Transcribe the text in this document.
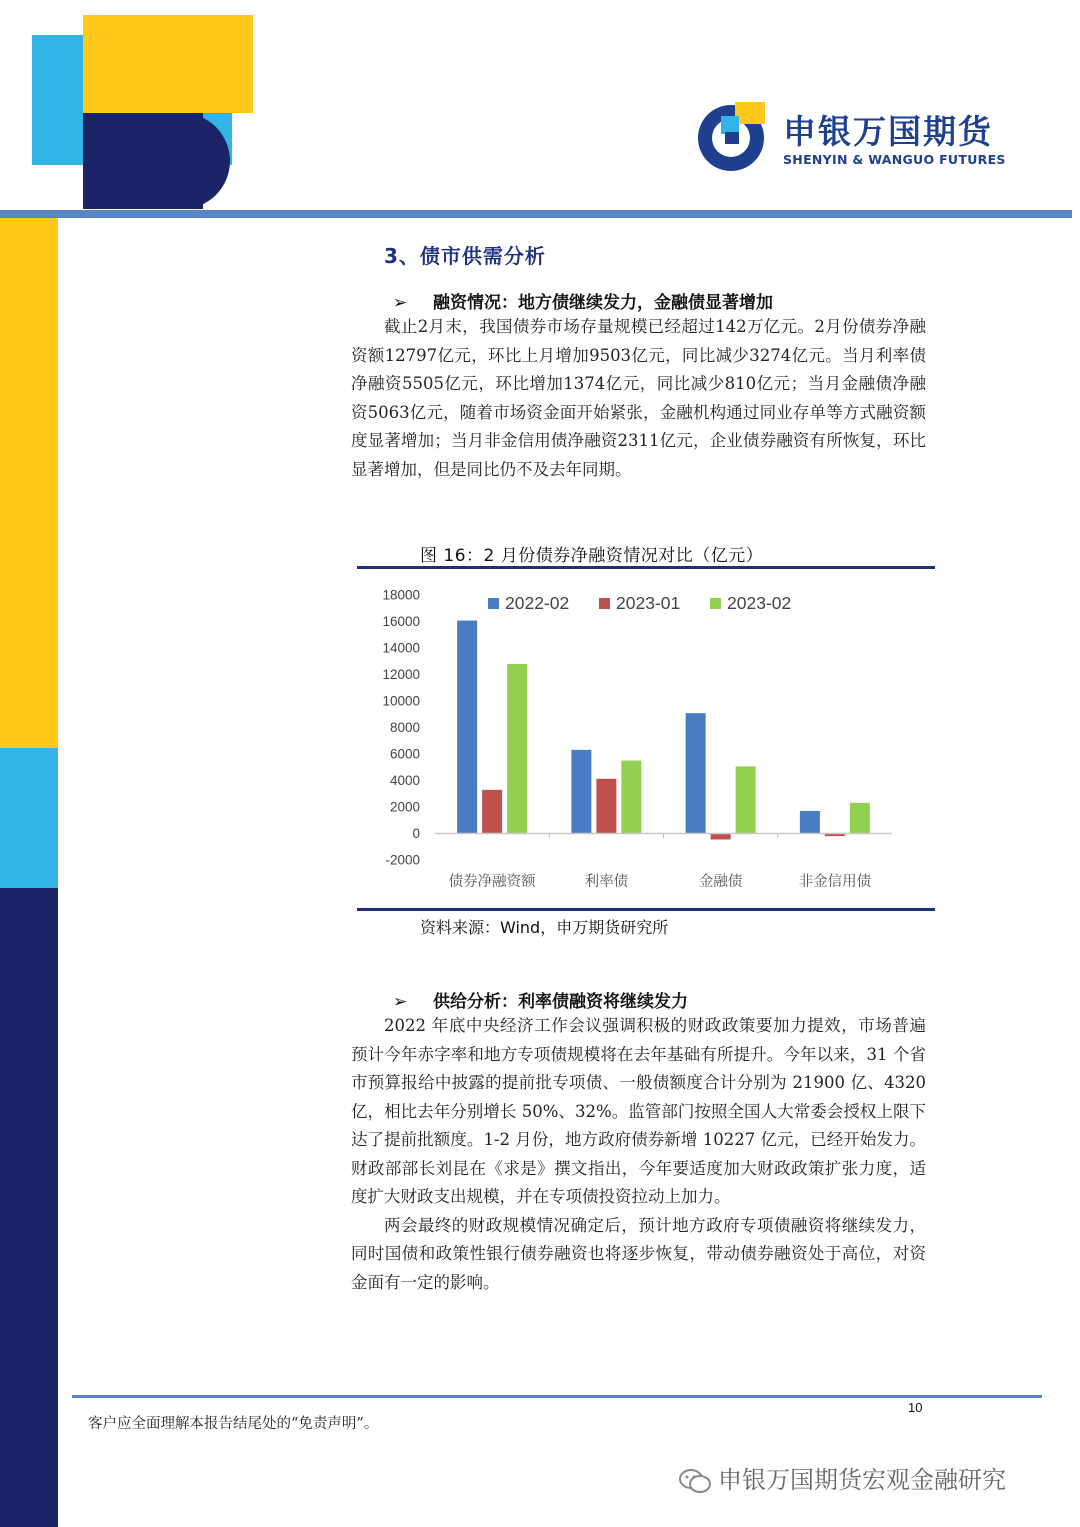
申银万国期货
SHENYIN & WANGUO FUTURES
3、债市供需分析
➢ 融资情况：地方债继续发力，金融债显著增加

截止2月末，我国债券市场存量规模已经超过142万亿元。2月份债券净融资额12797亿元，环比上月增加9503亿元，同比减少3274亿元。当月利率债净融资5505亿元，环比增加1374亿元，同比减少810亿元；当月金融债净融资5063亿元，随着市场资金面开始紧张，金融机构通过同业存单等方式融资额度显著增加；当月非金信用债净融资2311亿元，企业债券融资有所恢复，环比显著增加，但是同比仍不及去年同期。

图 16：2 月份债券净融资情况对比（亿元）
18000
16000
14000
12000
10000
8000
6000
4000
2000
0
-2000
债券净融资额	利率债	金融债	非金信用债
2022-02	2023-01	2023-02
资料来源：Wind，申万期货研究所
➢ 供给分析：利率债融资将继续发力

2022 年底中央经济工作会议强调积极的财政政策要加力提效，市场普遍预计今年赤字率和地方专项债规模将在去年基础有所提升。今年以来，31 个省市预算报给中披露的提前批专项债、一般债额度合计分别为 21900 亿、4320 亿，相比去年分别增长 50%、32%。监管部门按照全国人大常委会授权上限下达了提前批额度。1-2 月份，地方政府债券新增 10227 亿元，已经开始发力。财政部部长刘昆在《求是》撰文指出，今年要适度加大财政政策扩张力度，适度扩大财政支出规模，并在专项债投资拉动上加力。

两会最终的财政规模情况确定后，预计地方政府专项债融资将继续发力，同时国债和政策性银行债券融资也将逐步恢复，带动债券融资处于高位，对资金面有一定的影响。

10
客户应全面理解本报告结尾处的“免责声明”。
申银万国期货宏观金融研究
